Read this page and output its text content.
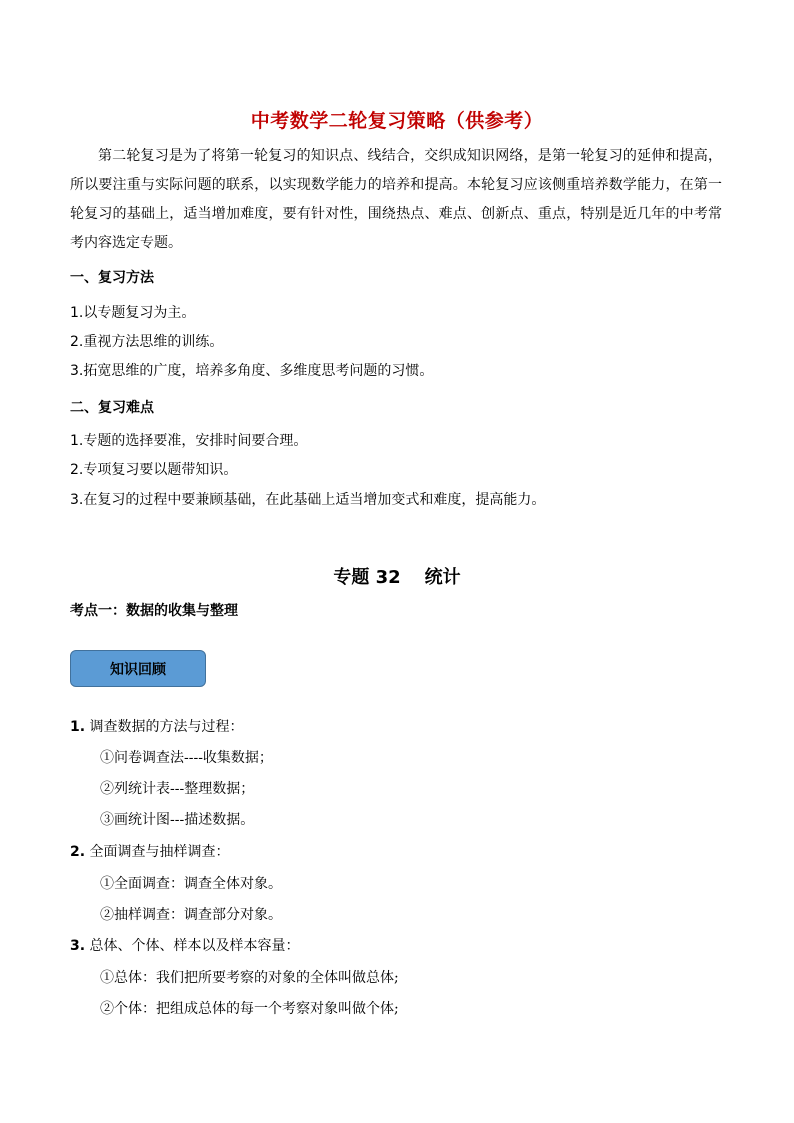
中考数学二轮复习策略（供参考）

第二轮复习是为了将第一轮复习的知识点、线结合，交织成知识网络，是第一轮复习的延伸和提高，所以要注重与实际问题的联系，以实现数学能力的培养和提高。本轮复习应该侧重培养数学能力，在第一轮复习的基础上，适当增加难度，要有针对性，围绕热点、难点、创新点、重点，特别是近几年的中考常考内容选定专题。

一、复习方法
1.以专题复习为主。
2.重视方法思维的训练。
3.拓宽思维的广度，培养多角度、多维度思考问题的习惯。
二、复习难点
1.专题的选择要准，安排时间要合理。
2.专项复习要以题带知识。
3.在复习的过程中要兼顾基础，在此基础上适当增加变式和难度，提高能力。
专题 32 统计
考点一：数据的收集与整理
知识回顾
1. 调查数据的方法与过程：
①问卷调查法----收集数据；
②列统计表---整理数据；
③画统计图---描述数据。
2. 全面调查与抽样调查：
①全面调查：调查全体对象。
②抽样调查：调查部分对象。
3. 总体、个体、样本以及样本容量：
①总体：我们把所要考察的对象的全体叫做总体;
②个体：把组成总体的每一个考察对象叫做个体;
